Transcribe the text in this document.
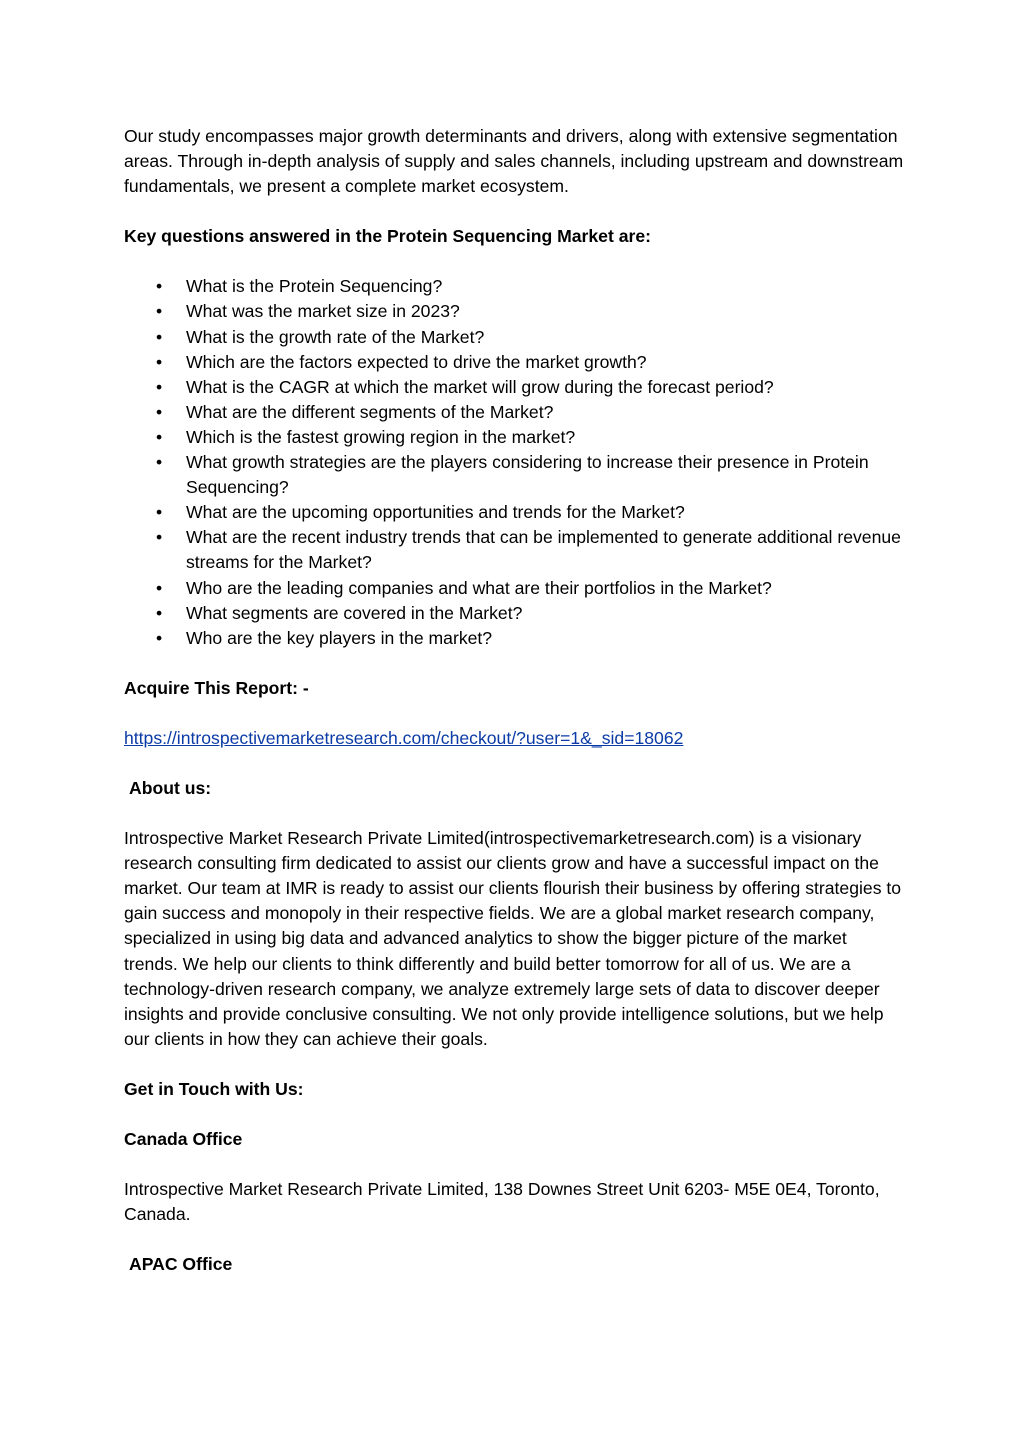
Our study encompasses major growth determinants and drivers, along with extensive segmentation areas. Through in-depth analysis of supply and sales channels, including upstream and downstream fundamentals, we present a complete market ecosystem.

Key questions answered in the Protein Sequencing Market are:

• What is the Protein Sequencing?
• What was the market size in 2023?
• What is the growth rate of the Market?
• Which are the factors expected to drive the market growth?
• What is the CAGR at which the market will grow during the forecast period?
• What are the different segments of the Market?
• Which is the fastest growing region in the market?
• What growth strategies are the players considering to increase their presence in Protein Sequencing?
• What are the upcoming opportunities and trends for the Market?
• What are the recent industry trends that can be implemented to generate additional revenue streams for the Market?
• Who are the leading companies and what are their portfolios in the Market?
• What segments are covered in the Market?
• Who are the key players in the market?

Acquire This Report: -

https://introspectivemarketresearch.com/checkout/?user=1&_sid=18062

About us:

Introspective Market Research Private Limited(introspectivemarketresearch.com) is a visionary research consulting firm dedicated to assist our clients grow and have a successful impact on the market. Our team at IMR is ready to assist our clients flourish their business by offering strategies to gain success and monopoly in their respective fields. We are a global market research company, specialized in using big data and advanced analytics to show the bigger picture of the market trends. We help our clients to think differently and build better tomorrow for all of us. We are a technology-driven research company, we analyze extremely large sets of data to discover deeper insights and provide conclusive consulting. We not only provide intelligence solutions, but we help our clients in how they can achieve their goals.

Get in Touch with Us:

Canada Office

Introspective Market Research Private Limited, 138 Downes Street Unit 6203- M5E 0E4, Toronto, Canada.

APAC Office
